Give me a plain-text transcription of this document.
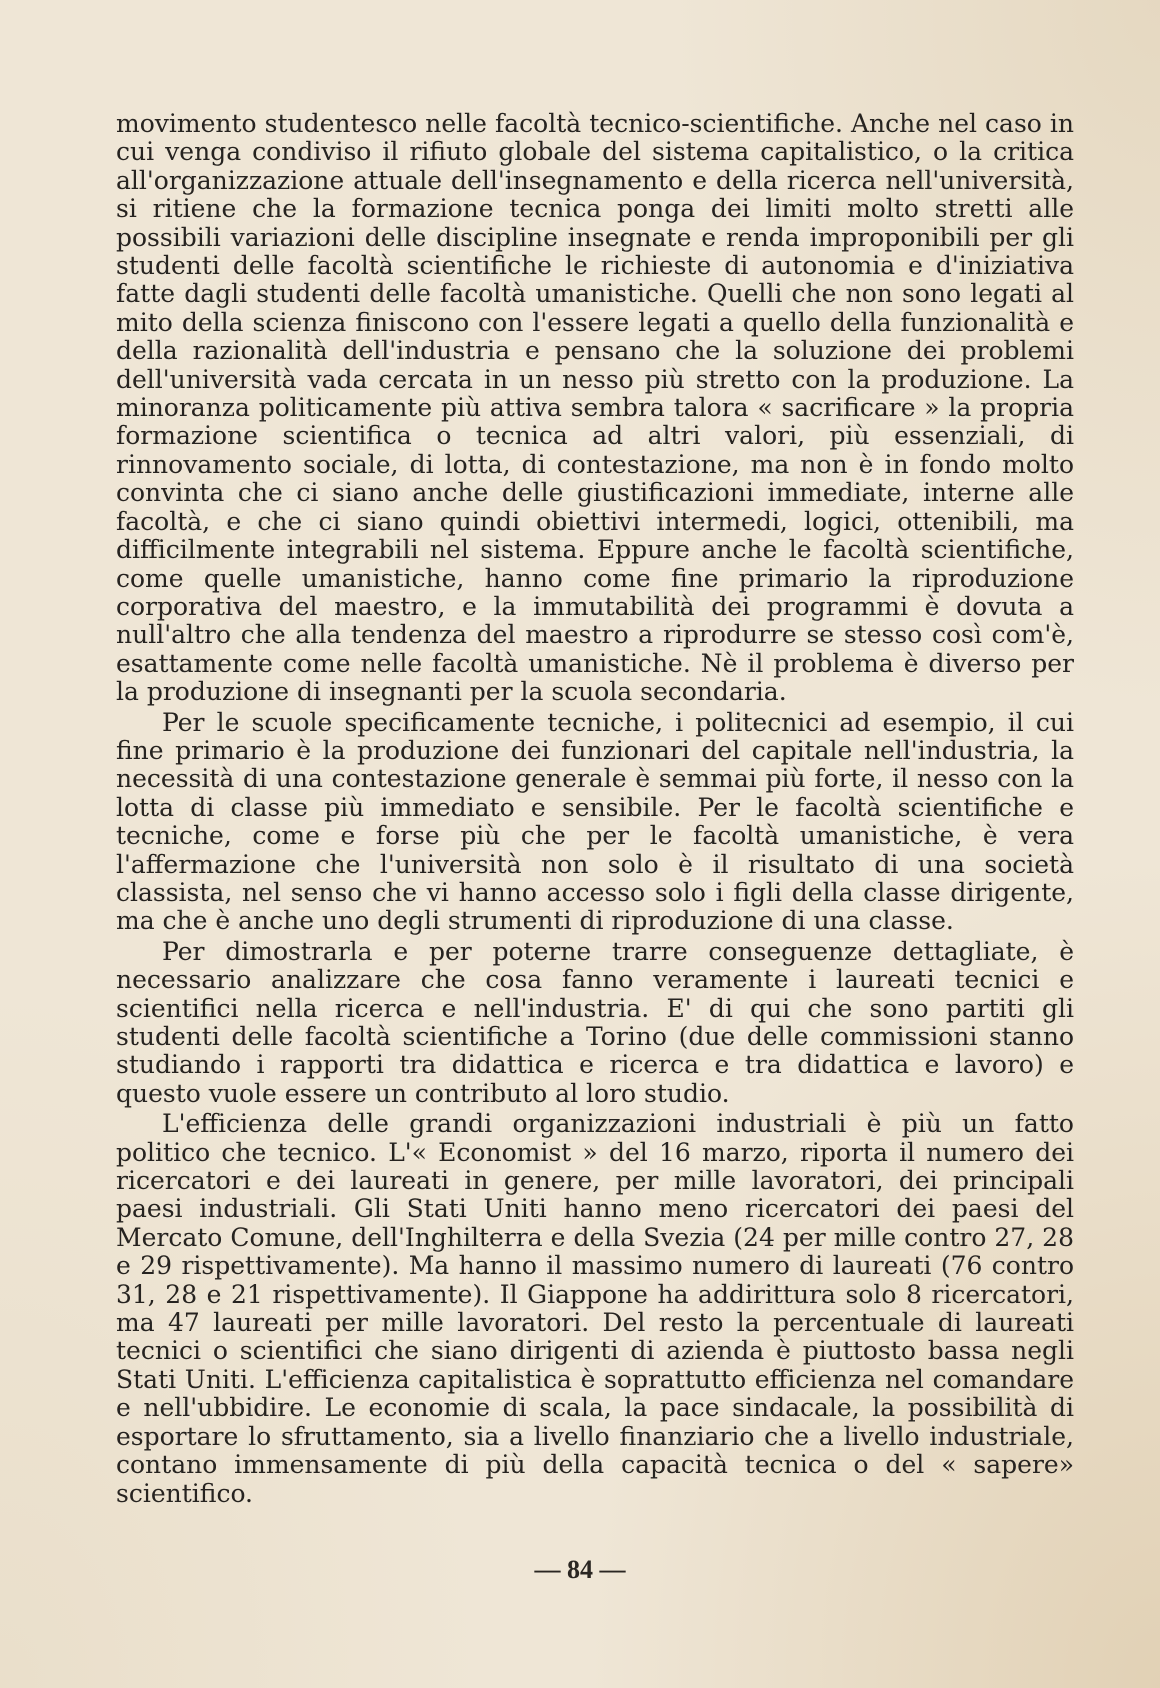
movimento studentesco nelle facoltà tecnico-scientifiche. Anche nel caso in cui venga condiviso il rifiuto globale del sistema capitalistico, o la critica all'organizzazione attuale dell'insegnamento e della ricerca nell'università, si ritiene che la formazione tecnica ponga dei limiti molto stretti alle possibili variazioni delle discipline insegnate e renda improponibili per gli studenti delle facoltà scientifiche le richieste di autonomia e d'iniziativa fatte dagli studenti delle facoltà umanistiche. Quelli che non sono legati al mito della scienza finiscono con l'essere legati a quello della funzionalità e della razionalità dell'industria e pensano che la soluzione dei problemi dell'università vada cercata in un nesso più stretto con la produzione. La minoranza politicamente più attiva sembra talora « sacrificare » la propria formazione scientifica o tecnica ad altri valori, più essenziali, di rinnovamento sociale, di lotta, di contestazione, ma non è in fondo molto convinta che ci siano anche delle giustificazioni immediate, interne alle facoltà, e che ci siano quindi obiettivi intermedi, logici, ottenibili, ma difficilmente integrabili nel sistema. Eppure anche le facoltà scientifiche, come quelle umanistiche, hanno come fine primario la riproduzione corporativa del maestro, e la immutabilità dei programmi è dovuta a null'altro che alla tendenza del maestro a riprodurre se stesso così com'è, esattamente come nelle facoltà umanistiche. Nè il problema è diverso per la produzione di insegnanti per la scuola secondaria.

Per le scuole specificamente tecniche, i politecnici ad esempio, il cui fine primario è la produzione dei funzionari del capitale nell'industria, la necessità di una contestazione generale è semmai più forte, il nesso con la lotta di classe più immediato e sensibile. Per le facoltà scientifiche e tecniche, come e forse più che per le facoltà umanistiche, è vera l'affermazione che l'università non solo è il risultato di una società classista, nel senso che vi hanno accesso solo i figli della classe dirigente, ma che è anche uno degli strumenti di riproduzione di una classe.

Per dimostrarla e per poterne trarre conseguenze dettagliate, è necessario analizzare che cosa fanno veramente i laureati tecnici e scientifici nella ricerca e nell'industria. E' di qui che sono partiti gli studenti delle facoltà scientifiche a Torino (due delle commissioni stanno studiando i rapporti tra didattica e ricerca e tra didattica e lavoro) e questo vuole essere un contributo al loro studio.

L'efficienza delle grandi organizzazioni industriali è più un fatto politico che tecnico. L'« Economist » del 16 marzo, riporta il numero dei ricercatori e dei laureati in genere, per mille lavoratori, dei principali paesi industriali. Gli Stati Uniti hanno meno ricercatori dei paesi del Mercato Comune, dell'Inghilterra e della Svezia (24 per mille contro 27, 28 e 29 rispettivamente). Ma hanno il massimo numero di laureati (76 contro 31, 28 e 21 rispettivamente). Il Giappone ha addirittura solo 8 ricercatori, ma 47 laureati per mille lavoratori. Del resto la percentuale di laureati tecnici o scientifici che siano dirigenti di azienda è piuttosto bassa negli Stati Uniti. L'efficienza capitalistica è soprattutto efficienza nel comandare e nell'ubbidire. Le economie di scala, la pace sindacale, la possibilità di esportare lo sfruttamento, sia a livello finanziario che a livello industriale, contano immensamente di più della capacità tecnica o del « sapere» scientifico.

— 84 —
